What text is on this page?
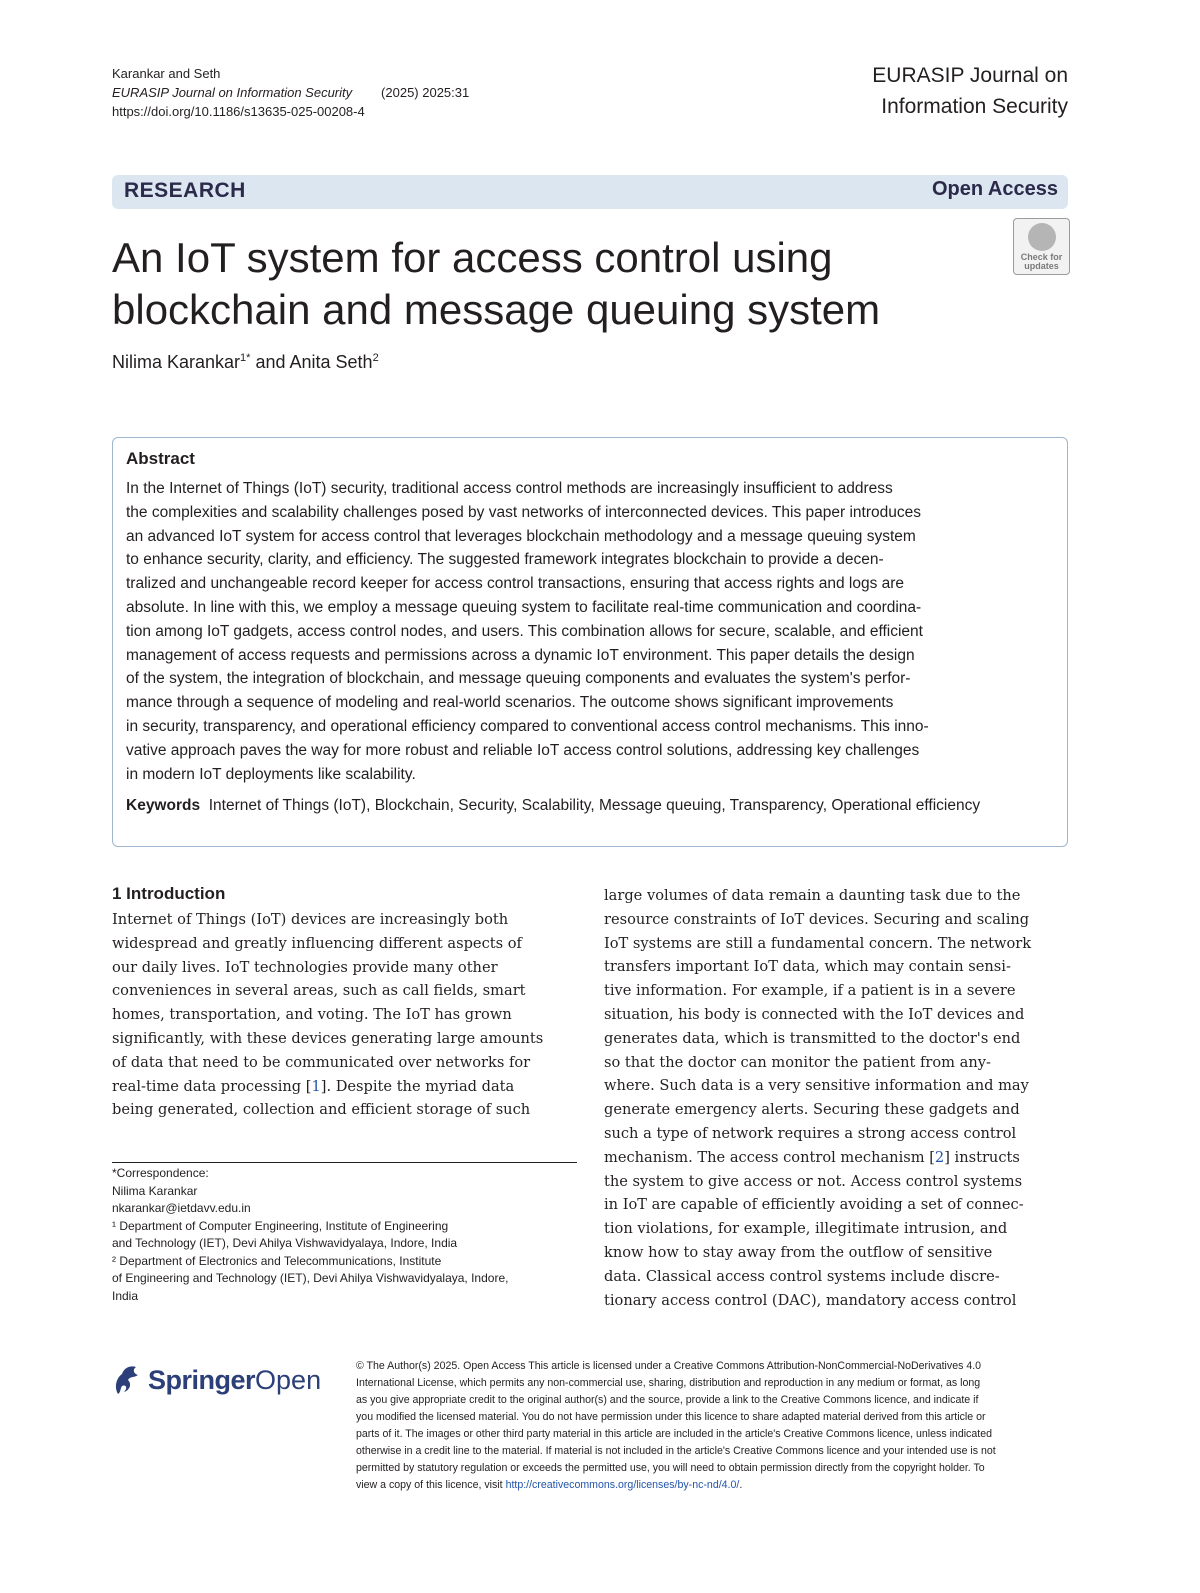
Karankar and Seth
EURASIP Journal on Information Security (2025) 2025:31
https://doi.org/10.1186/s13635-025-00208-4
EURASIP Journal on
Information Security
RESEARCH	Open Access
An IoT system for access control using
blockchain and message queuing system
Check for
updates
Nilima Karankar$^{1*}$ and Anita Seth$^2$
Abstract
In the Internet of Things (IoT) security, traditional access control methods are increasingly insufficient to address
the complexities and scalability challenges posed by vast networks of interconnected devices. This paper introduces
an advanced IoT system for access control that leverages blockchain methodology and a message queuing system
to enhance security, clarity, and efficiency. The suggested framework integrates blockchain to provide a decen-
tralized and unchangeable record keeper for access control transactions, ensuring that access rights and logs are
absolute. In line with this, we employ a message queuing system to facilitate real-time communication and coordina-
tion among IoT gadgets, access control nodes, and users. This combination allows for secure, scalable, and efficient
management of access requests and permissions across a dynamic IoT environment. This paper details the design
of the system, the integration of blockchain, and message queuing components and evaluates the system's perfor-
mance through a sequence of modeling and real-world scenarios. The outcome shows significant improvements
in security, transparency, and operational efficiency compared to conventional access control mechanisms. This inno-
vative approach paves the way for more robust and reliable IoT access control solutions, addressing key challenges
in modern IoT deployments like scalability.
Keywords Internet of Things (IoT), Blockchain, Security, Scalability, Message queuing, Transparency, Operational efficiency
1 Introduction
Internet of Things (IoT) devices are increasingly both
widespread and greatly influencing different aspects of
our daily lives. IoT technologies provide many other
conveniences in several areas, such as call fields, smart
homes, transportation, and voting. The IoT has grown
significantly, with these devices generating large amounts
of data that need to be communicated over networks for
real-time data processing [1]. Despite the myriad data
being generated, collection and efficient storage of such
large volumes of data remain a daunting task due to the
resource constraints of IoT devices. Securing and scaling
IoT systems are still a fundamental concern. The network
transfers important IoT data, which may contain sensi-
tive information. For example, if a patient is in a severe
situation, his body is connected with the IoT devices and
generates data, which is transmitted to the doctor's end
so that the doctor can monitor the patient from any-
where. Such data is a very sensitive information and may
generate emergency alerts. Securing these gadgets and
such a type of network requires a strong access control
mechanism. The access control mechanism [2] instructs
the system to give access or not. Access control systems
in IoT are capable of efficiently avoiding a set of connec-
tion violations, for example, illegitimate intrusion, and
know how to stay away from the outflow of sensitive
data. Classical access control systems include discre-
tionary access control (DAC), mandatory access control
*Correspondence:
Nilima Karankar
nkarankar@ietdavv.edu.in
¹ Department of Computer Engineering, Institute of Engineering
and Technology (IET), Devi Ahilya Vishwavidyalaya, Indore, India
² Department of Electronics and Telecommunications, Institute
of Engineering and Technology (IET), Devi Ahilya Vishwavidyalaya, Indore,
India
Springer Open	© The Author(s) 2025. Open Access This article is licensed under a Creative Commons Attribution-NonCommercial-NoDerivatives 4.0
International License, which permits any non-commercial use, sharing, distribution and reproduction in any medium or format, as long
as you give appropriate credit to the original author(s) and the source, provide a link to the Creative Commons licence, and indicate if
you modified the licensed material. You do not have permission under this licence to share adapted material derived from this article or
parts of it. The images or other third party material in this article are included in the article's Creative Commons licence, unless indicated
otherwise in a credit line to the material. If material is not included in the article's Creative Commons licence and your intended use is not
permitted by statutory regulation or exceeds the permitted use, you will need to obtain permission directly from the copyright holder. To
view a copy of this licence, visit http://creativecommons.org/licenses/by-nc-nd/4.0/.
